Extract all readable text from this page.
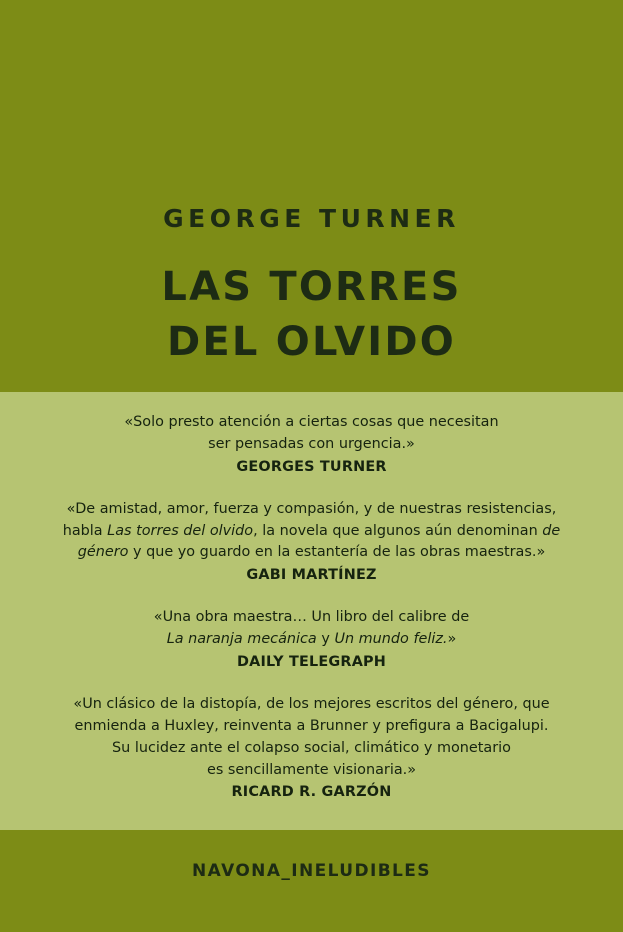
GEORGE TURNER
LAS TORRES
DEL OLVIDO
«Solo presto atención a ciertas cosas que necesitan
ser pensadas con urgencia.»
GEORGES TURNER
«De amistad, amor, fuerza y compasión, y de nuestras resistencias,
habla Las torres del olvido, la novela que algunos aún denominan de
género y que yo guardo en la estantería de las obras maestras.»
GABI MARTÍNEZ
«Una obra maestra… Un libro del calibre de
La naranja mecánica y Un mundo feliz.»
DAILY TELEGRAPH
«Un clásico de la distopía, de los mejores escritos del género, que
enmienda a Huxley, reinventa a Brunner y prefigura a Bacigalupi.
Su lucidez ante el colapso social, climático y monetario
es sencillamente visionaria.»
RICARD R. GARZÓN
NAVONA_INELUDIBLES
